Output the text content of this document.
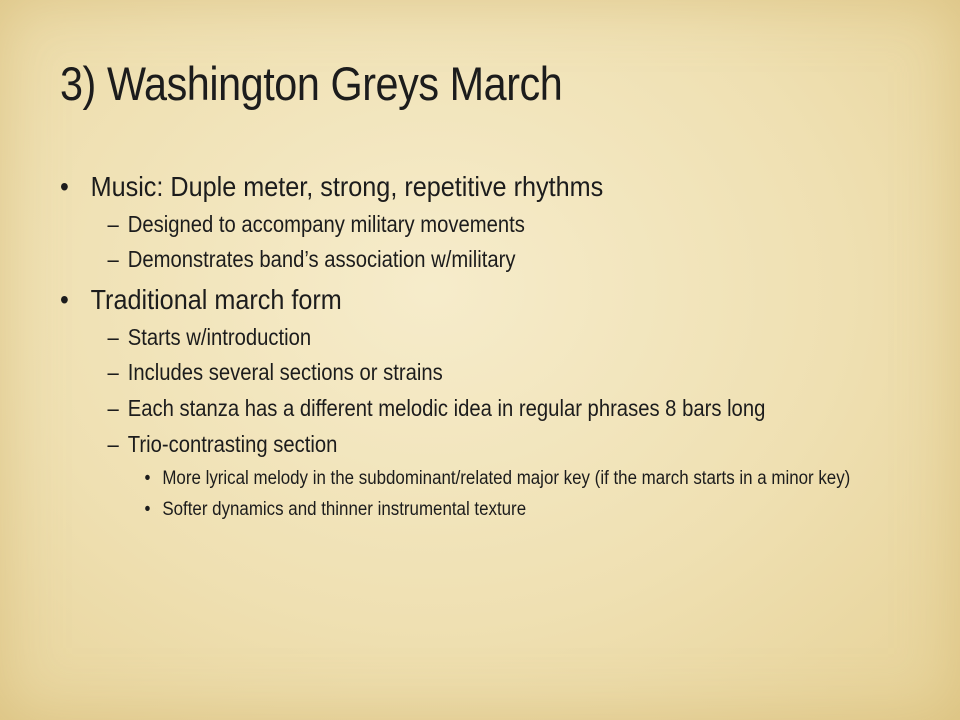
3) Washington Greys March
• Music: Duple meter, strong, repetitive rhythms
– Designed to accompany military movements
– Demonstrates band’s association w/military
• Traditional march form
– Starts w/introduction
– Includes several sections or strains
– Each stanza has a different melodic idea in regular phrases 8 bars long
– Trio-contrasting section
• More lyrical melody in the subdominant/related major key (if the march starts in a minor key)
• Softer dynamics and thinner instrumental texture
